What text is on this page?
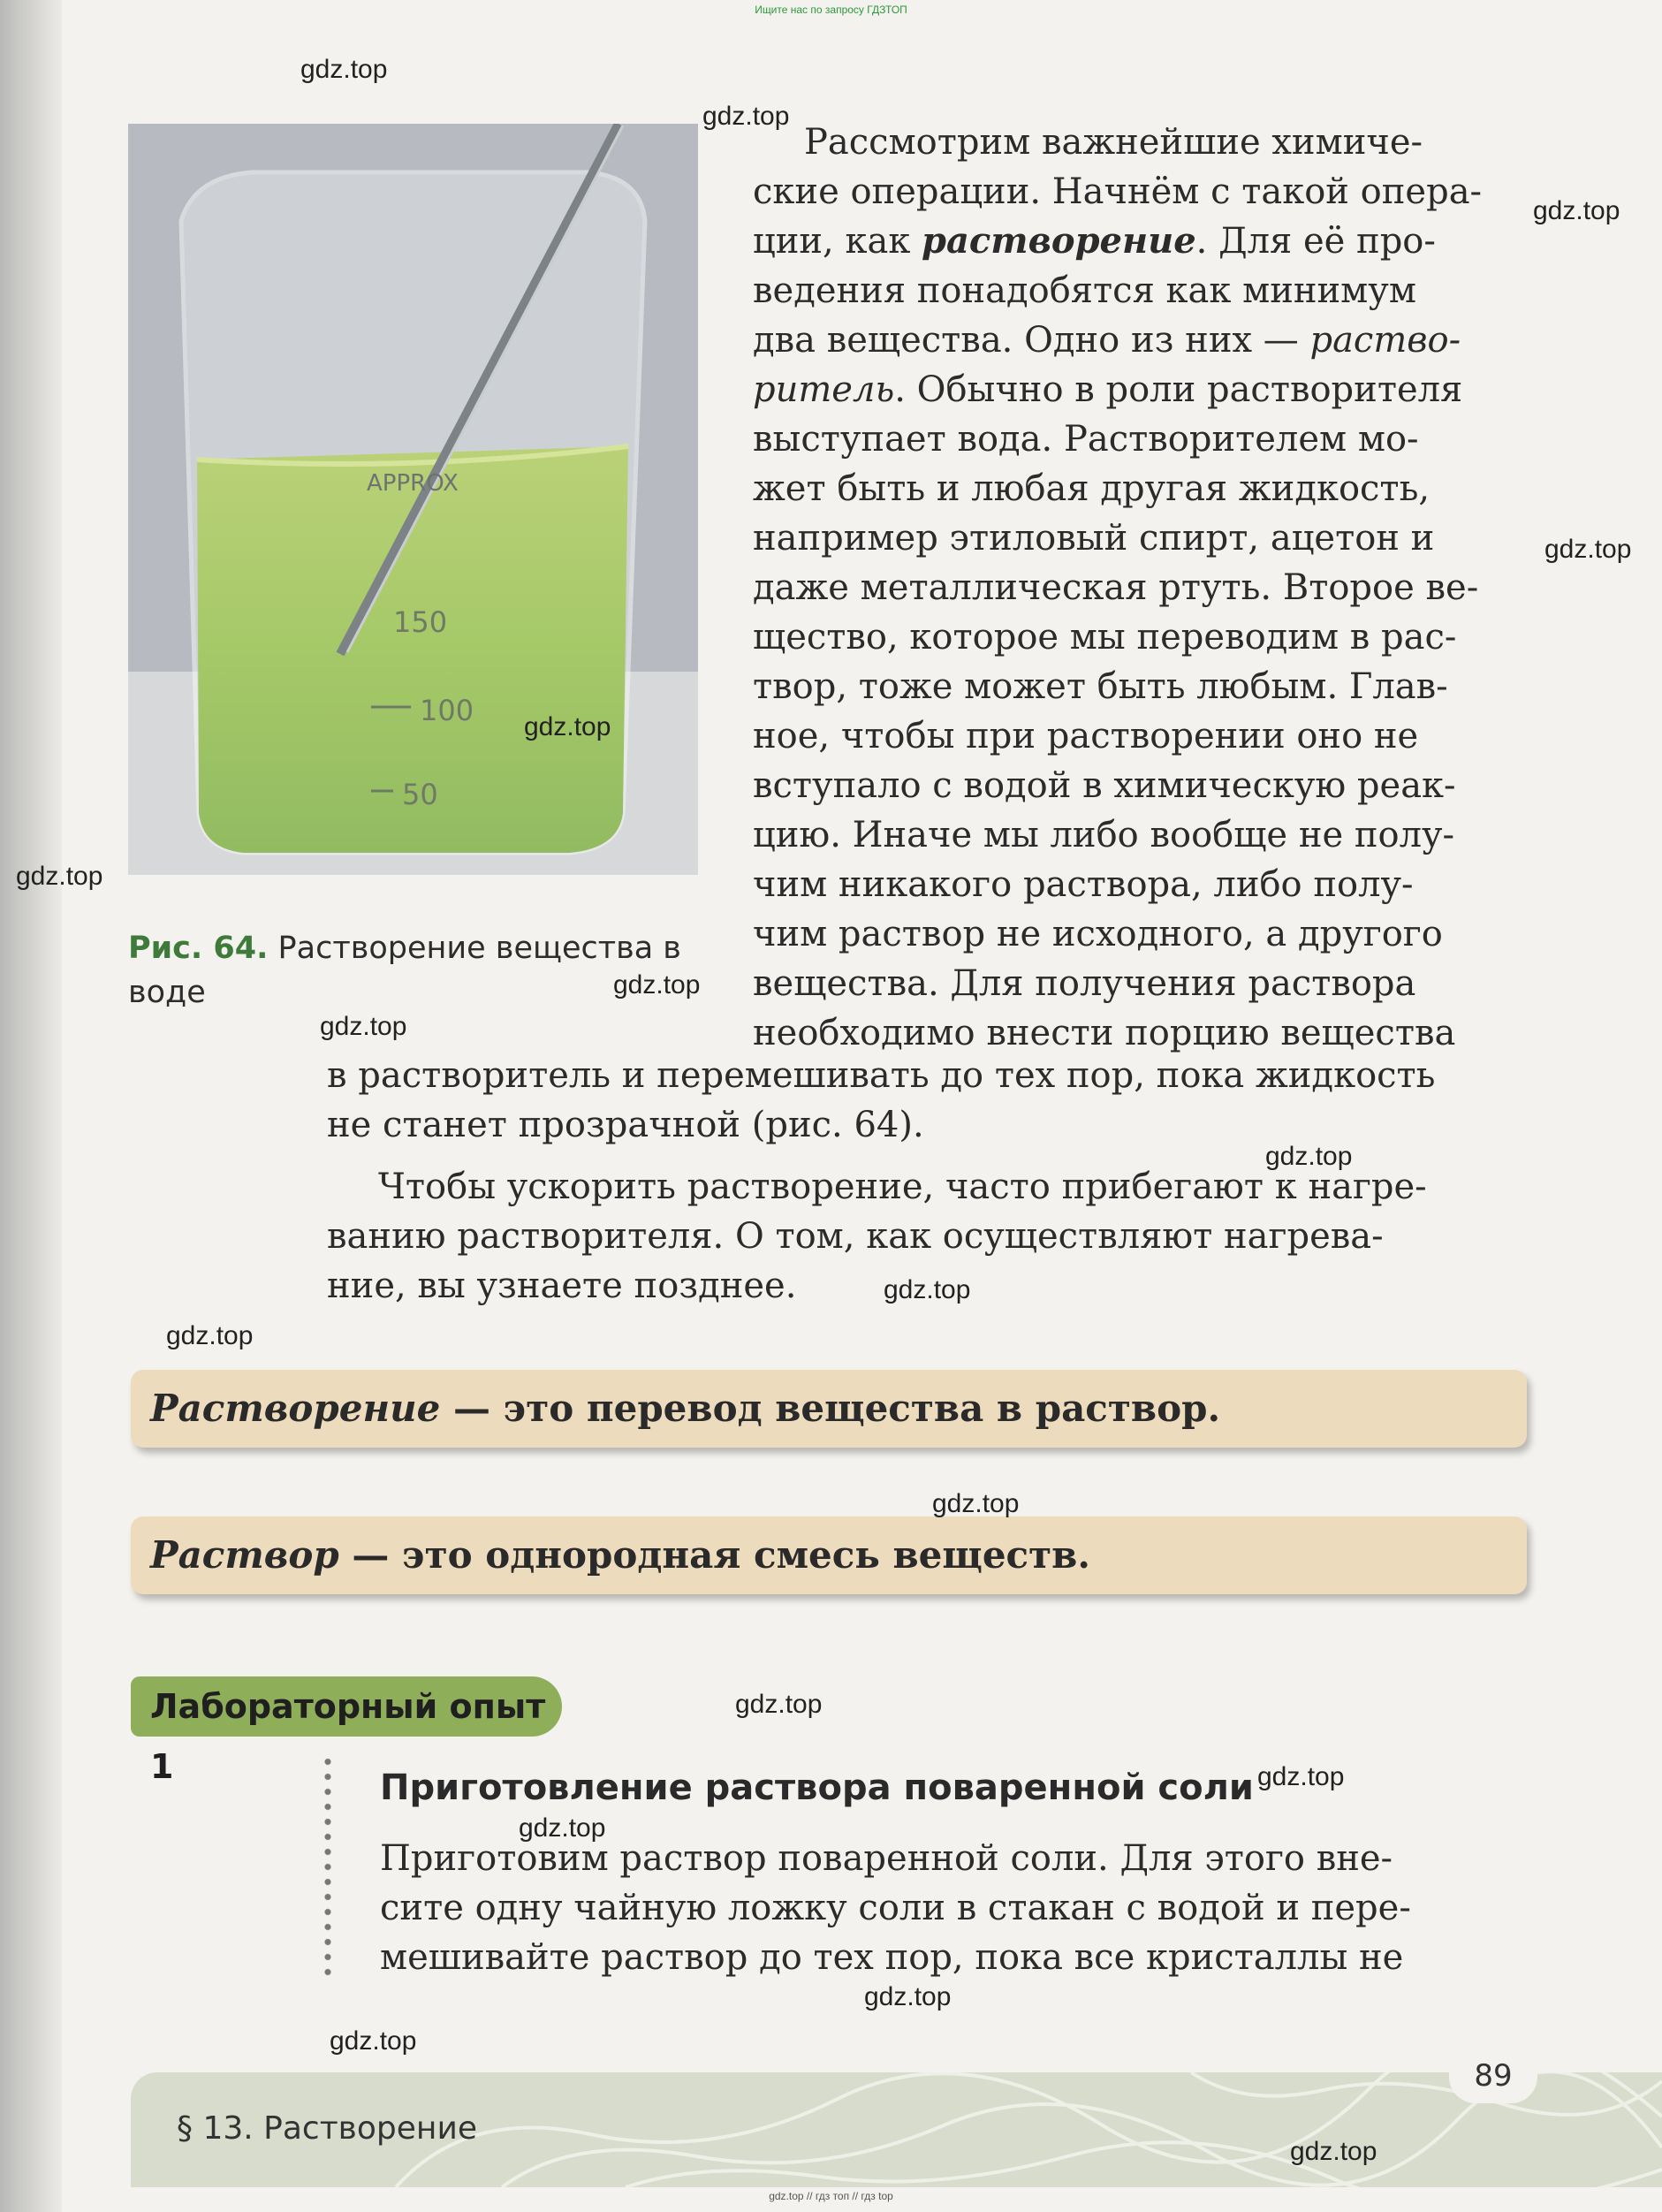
Ищите нас по запросу ГДЗТОП
APPROX
150
100
50
Рис. 64. Растворение вещества в воде
Рассмотрим важнейшие химиче-
ские операции. Начнём с такой опера-
ции, как растворение. Для её про-
ведения понадобятся как минимум
два вещества. Одно из них — раство-
ритель. Обычно в роли растворителя
выступает вода. Растворителем мо-
жет быть и любая другая жидкость,
например этиловый спирт, ацетон и
даже металлическая ртуть. Второе ве-
щество, которое мы переводим в рас-
твор, тоже может быть любым. Глав-
ное, чтобы при растворении оно не
вступало с водой в химическую реак-
цию. Иначе мы либо вообще не полу-
чим никакого раствора, либо полу-
чим раствор не исходного, а другого
вещества. Для получения раствора
необходимо внести порцию вещества
в растворитель и перемешивать до тех пор, пока жидкость
не станет прозрачной (рис. 64).
Чтобы ускорить растворение, часто прибегают к нагре-
ванию растворителя. О том, как осуществляют нагрева-
ние, вы узнаете позднее.
Растворение — это перевод вещества в раствор.
Раствор — это однородная смесь веществ.
Лабораторный опыт 1
Приготовление раствора поваренной соли
Приготовим раствор поваренной соли. Для этого вне-
сите одну чайную ложку соли в стакан с водой и пере-
мешивайте раствор до тех пор, пока все кристаллы не
§ 13. Растворение
89
gdz.top
gdz.top
gdz.top
gdz.top
gdz.top
gdz.top
gdz.top
gdz.top
gdz.top
gdz.top
gdz.top
gdz.top
gdz.top
gdz.top
gdz.top
gdz.top
gdz.top
gdz.top
gdz.top // гдз топ // гдз top
